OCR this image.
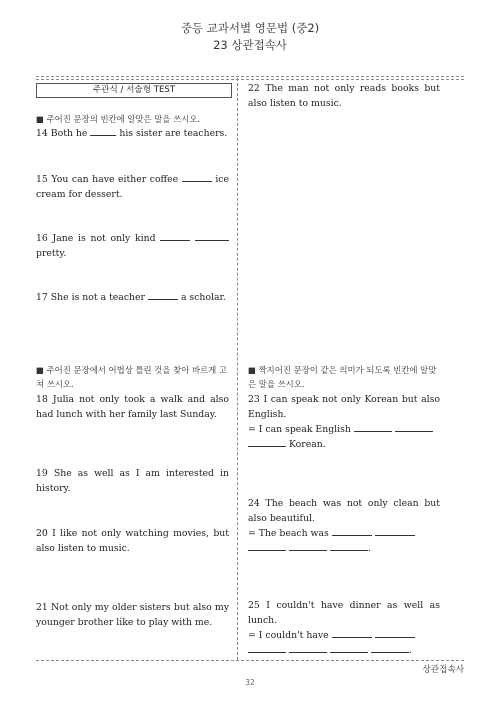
중등 교과서별 영문법 (중2)
23 상관접속사
주관식 / 서술형 TEST
■ 주어진 문장의 빈칸에 알맞은 말을 쓰시오.
14 Both he	his sister are teachers.
15 You can have either coffee	ice cream for dessert.
16 Jane is not only kind   pretty.
17 She is not a teacher	a scholar.
■ 주어진 문장에서 어법상 틀린 것을 찾아 바르게 고쳐 쓰시오.
18 Julia not only took a walk and also had lunch with her family last Sunday.
19 She as well as I am interested in history.
20 I like not only watching movies, but also listen to music.
21 Not only my older sisters but also my younger brother like to play with me.
22 The man not only reads books but also listen to music.
■ 짝지어진 문장이 같은 의미가 되도록 빈칸에 알맞은 말을 쓰시오.
23 I can speak not only Korean but also English.
= I can speak English
Korean.
24 The beach was not only clean but also beautiful.
= The beach was
.
25 I couldn't have dinner as well as lunch.
= I couldn't have
.
상관접속사
32
